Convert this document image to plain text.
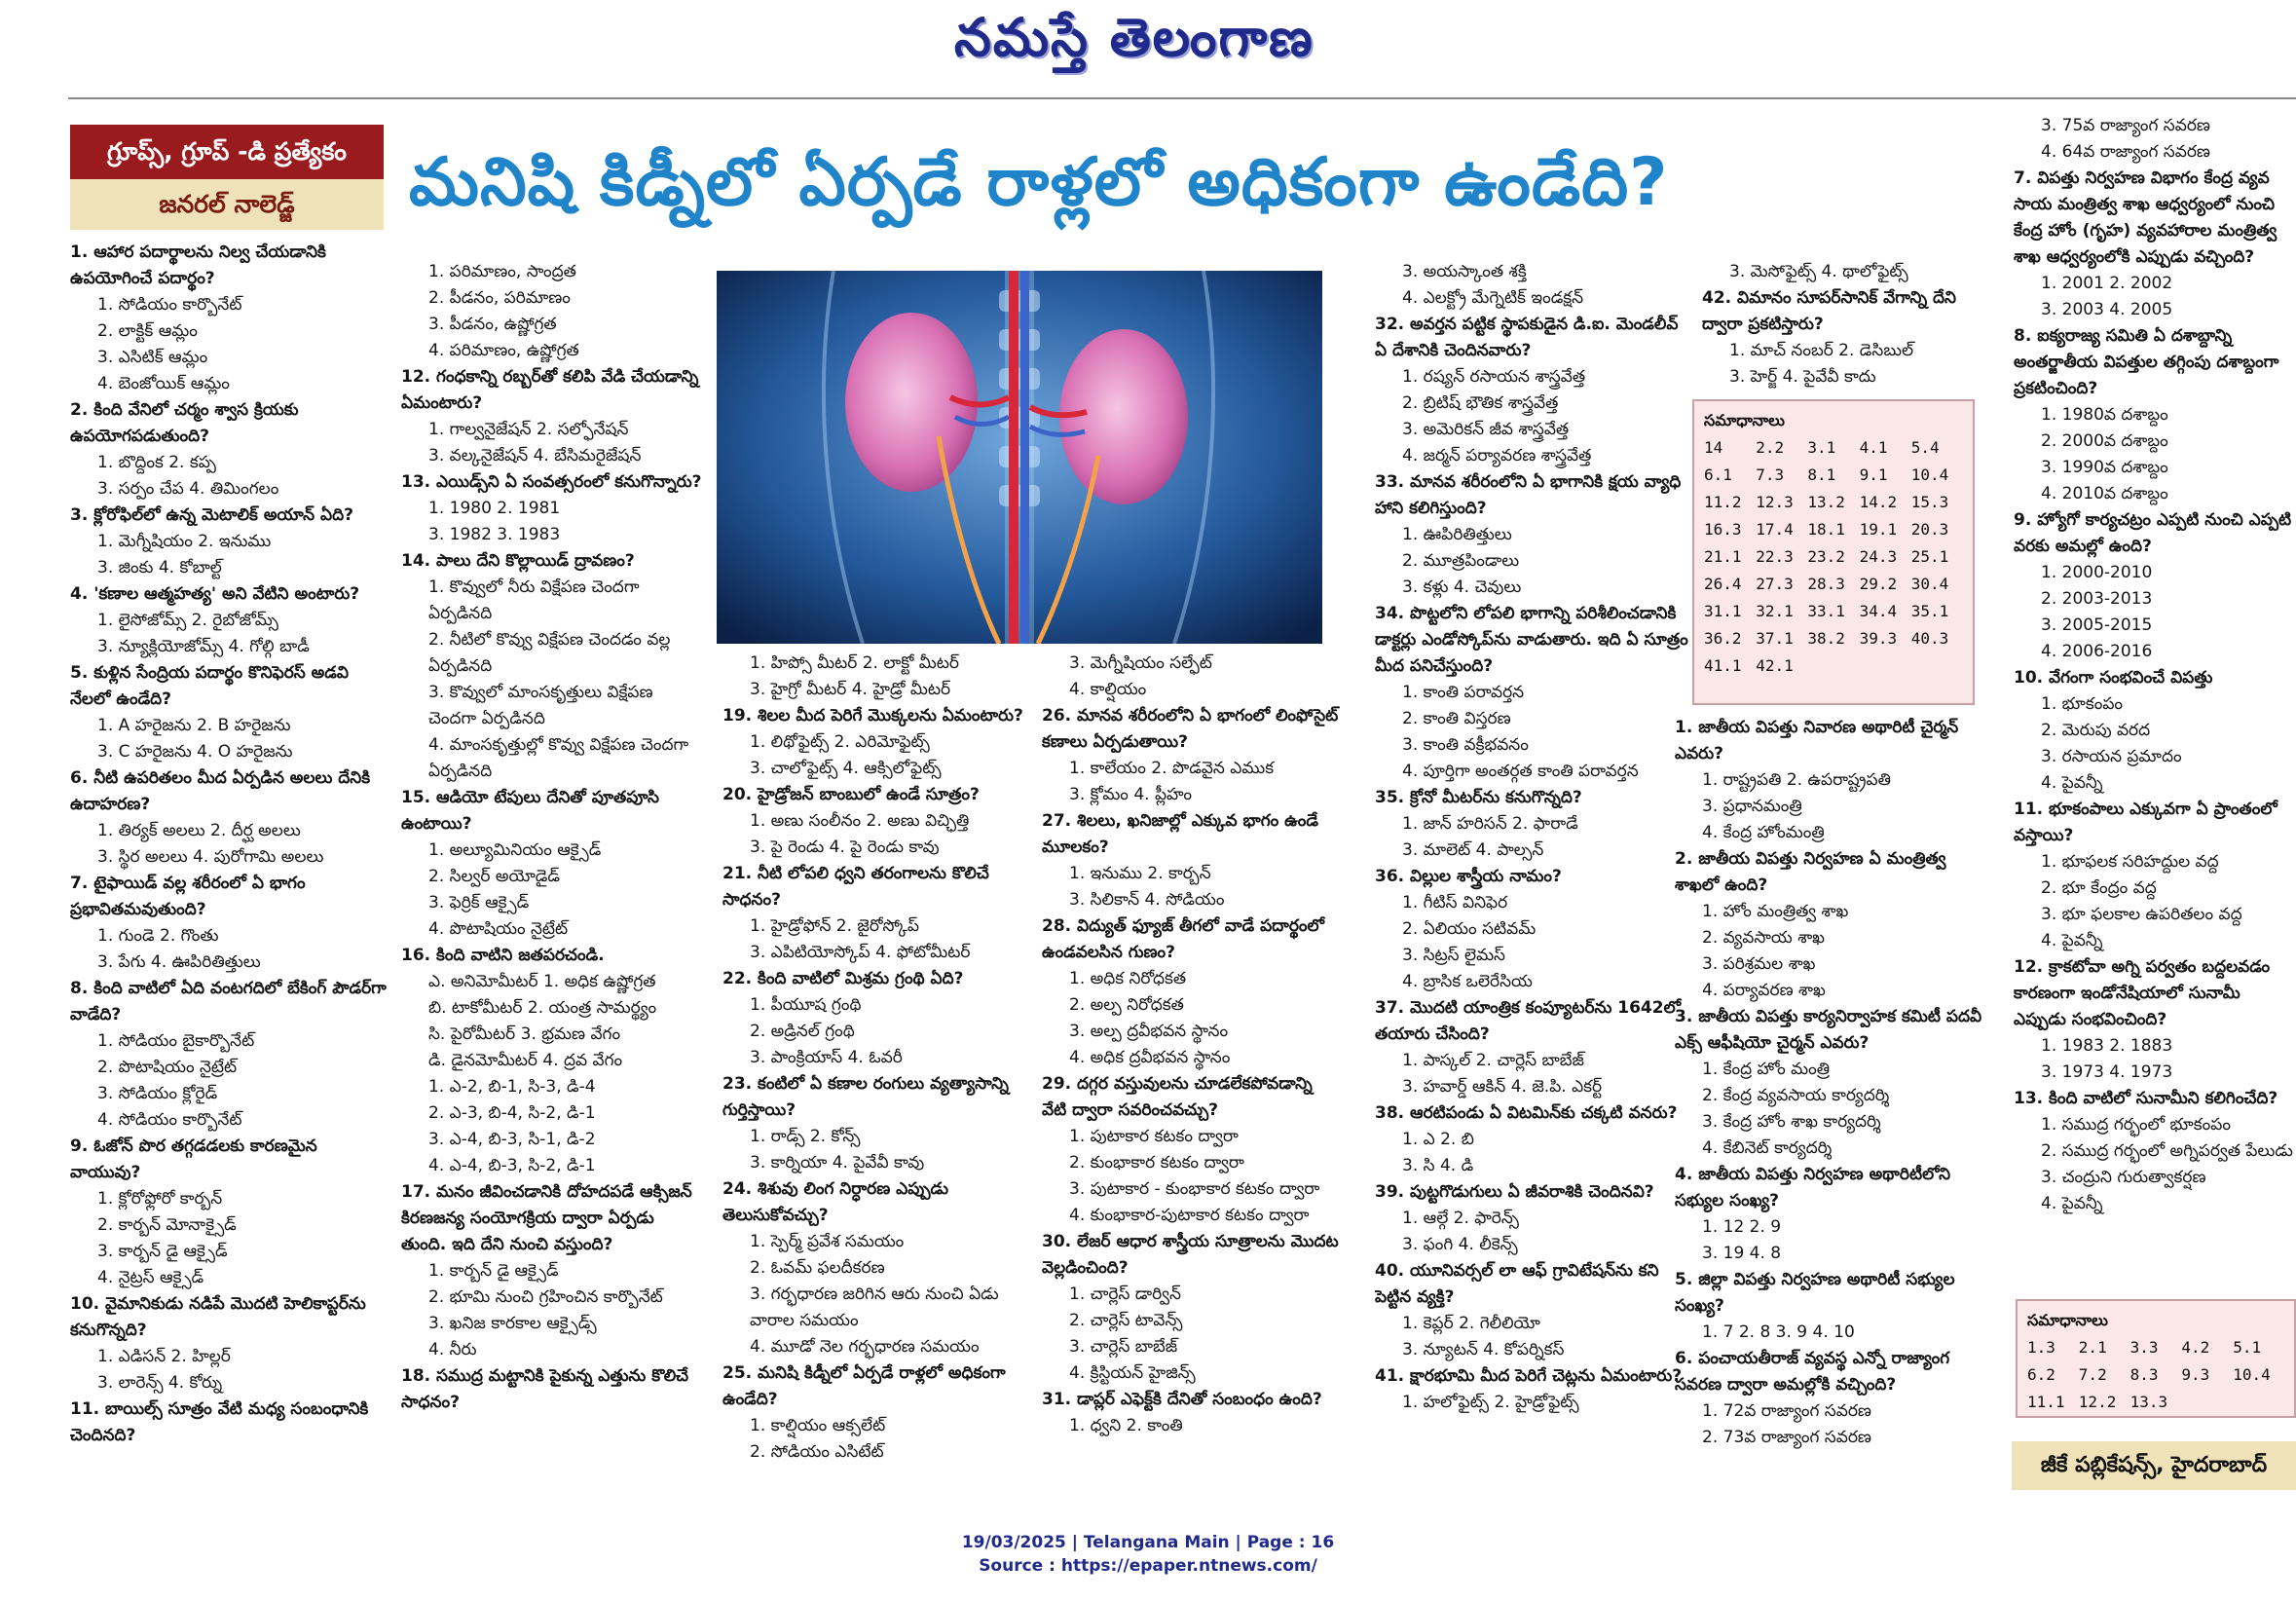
నమస్తే తెలంగాణ
గ్రూప్స్, గ్రూప్ -డి ప్రత్యేకం
జనరల్ నాలెడ్జ్	మనిషి కిడ్నీలో ఏర్పడే రాళ్లలో అధికంగా ఉండేది?
1. ఆహార పదార్థాలను నిల్వ చేయడానికి ఉపయోగించే పదార్థం?
1. సోడియం కార్బొనేట్
2. లాక్టిక్ ఆమ్లం
3. ఎసిటిక్ ఆమ్లం
4. బెంజోయిక్ ఆమ్లం
2. కింది వేనిలో చర్మం శ్వాస క్రియకు ఉపయోగపడుతుంది?
1. బొద్దింక 2. కప్ప
3. సర్పం చేప 4. తిమింగలం
3. క్లోరోఫిల్‌లో ఉన్న మెటాలిక్ అయాన్ ఏది?
1. మెగ్నీషియం 2. ఇనుము
3. జింకు 4. కోబాల్ట్
4. 'కణాల ఆత్మహత్య' అని వేటిని అంటారు?
1. లైసోజోమ్స్ 2. రైబోజోమ్స్
3. న్యూక్లియోజోమ్స్ 4. గోల్గి బాడీ
5. కుళ్లిన సేంద్రియ పదార్థం కొనిఫెరస్ అడవి నేలలో ఉండేది?
1. A హరైజను 2. B హరైజను
3. C హరైజను 4. O హరైజను
6. నీటి ఉపరితలం మీద ఏర్పడిన అలలు దేనికి ఉదాహరణ?
1. తిర్యక్ అలలు 2. దీర్ఘ అలలు
3. స్థిర అలలు 4. పురోగామి అలలు
7. టైఫాయిడ్ వల్ల శరీరంలో ఏ భాగం ప్రభావితమవుతుంది?
1. గుండె 2. గొంతు
3. పేగు 4. ఊపిరితిత్తులు
8. కింది వాటిలో ఏది వంటగదిలో బేకింగ్ పౌడర్‌గా వాడేది?
1. సోడియం బైకార్బొనేట్
2. పొటాషియం నైట్రేట్
3. సోడియం క్లోరైడ్
4. సోడియం కార్బొనేట్
9. ఓజోన్ పొర తగ్గడడలకు కారణమైన వాయువు?
1. క్లోరోఫ్లోరో కార్బన్
2. కార్బన్ మోనాక్సైడ్
3. కార్బన్ డై ఆక్సైడ్
4. నైట్రస్ ఆక్సైడ్
10. వైమానికుడు నడిపే మొదటి హెలికాప్టర్‌ను కనుగొన్నది?
1. ఎడిసన్ 2. హిల్లర్
3. లారెన్స్ 4. కోర్ను
11. బాయిల్స్ సూత్రం వేటి మధ్య సంబంధానికి చెందినది?
1. పరిమాణం, సాంద్రత
2. పీడనం, పరిమాణం
3. పీడనం, ఉష్ణోగ్రత
4. పరిమాణం, ఉష్ణోగ్రత
12. గంధకాన్ని రబ్బర్‌తో కలిపి వేడి చేయడాన్ని ఏమంటారు?
1. గాల్వనైజేషన్ 2. సల్ఫోనేషన్
3. వల్కనైజేషన్ 4. బేసిమరైజేషన్
13. ఎయిడ్స్‌ని ఏ సంవత్సరంలో కనుగొన్నారు?
1. 1980 2. 1981
3. 1982 3. 1983
14. పాలు దేని కొల్లాయిడ్ ద్రావణం?
1. కొవ్వులో నీరు విక్షేపణ చెందగా ఏర్పడినది
2. నీటిలో కొవ్వు విక్షేపణ చెందడం వల్ల ఏర్పడినది
3. కొవ్వులో మాంసకృత్తులు విక్షేపణ చెందగా ఏర్పడినది
4. మాంసకృత్తుల్లో కొవ్వు విక్షేపణ చెందగా ఏర్పడినది
15. ఆడియో టేపులు దేనితో పూతపూసి ఉంటాయి?
1. అల్యూమినియం ఆక్సైడ్
2. సిల్వర్ అయోడైడ్
3. ఫెర్రిక్ ఆక్సైడ్
4. పొటాషియం నైట్రేట్
16. కింది వాటిని జతపరచండి.
ఎ. అనిమోమీటర్ 1. అధిక ఉష్ణోగ్రత
బి. టాకోమీటర్ 2. యంత్ర సామర్థ్యం
సి. పైరోమీటర్ 3. భ్రమణ వేగం
డి. డైనమోమీటర్ 4. ద్రవ వేగం
1. ఎ-2, బి-1, సి-3, డి-4
2. ఎ-3, బి-4, సి-2, డి-1
3. ఎ-4, బి-3, సి-1, డి-2
4. ఎ-4, బి-3, సి-2, డి-1
17. మనం జీవించడానికి దోహదపడే ఆక్సిజన్ కిరణజన్య సంయోగక్రియ ద్వారా ఏర్పడు తుంది. ఇది దేని నుంచి వస్తుంది?
1. కార్బన్ డై ఆక్సైడ్
2. భూమి నుంచి గ్రహించిన కార్బొనేట్
3. ఖనిజ కారకాల ఆక్సైడ్స్
4. నీరు
18. సముద్ర మట్టానికి పైకున్న ఎత్తును కొలిచే సాధనం?
1. హిప్సో మీటర్ 2. లాక్టో మీటర్
3. హైగ్రో మీటర్ 4. హైడ్రో మీటర్
19. శిలల మీద పెరిగే మొక్కలను ఏమంటారు?
1. లిథోఫైట్స్ 2. ఎరిమోఫైట్స్
3. చాలోఫైట్స్ 4. ఆక్సిలోఫైట్స్
20. హైడ్రోజన్ బాంబులో ఉండే సూత్రం?
1. అణు సంలీనం 2. అణు విచ్ఛిత్తి
3. పై రెండు 4. పై రెండు కావు
21. నీటి లోపలి ధ్వని తరంగాలను కొలిచే సాధనం?
1. హైడ్రోఫోన్ 2. జైరోస్కోప్
3. ఎపిటియోస్కోప్ 4. ఫోటోమీటర్
22. కింది వాటిలో మిశ్రమ గ్రంథి ఏది?
1. పీయూష గ్రంథి
2. అడ్రినల్ గ్రంథి
3. పాంక్రియాస్ 4. ఓవరీ
23. కంటిలో ఏ కణాల రంగులు వ్యత్యాసాన్ని గుర్తిస్తాయి?
1. రాడ్స్ 2. కోన్స్
3. కార్నియా 4. పైవేవీ కావు
24. శిశువు లింగ నిర్ధారణ ఎప్పుడు తెలుసుకోవచ్చు?
1. స్పెర్మ్ ప్రవేశ సమయం
2. ఓవమ్ ఫలదీకరణ
3. గర్భధారణ జరిగిన ఆరు నుంచి ఏడు వారాల సమయం
4. మూడో నెల గర్భధారణ సమయం
25. మనిషి కిడ్నీలో ఏర్పడే రాళ్లలో అధికంగా ఉండేది?
1. కాల్షియం ఆక్సలేట్
2. సోడియం ఎసిటేట్
3. మెగ్నీషియం సల్ఫేట్
4. కాల్షియం
26. మానవ శరీరంలోని ఏ భాగంలో లింఫోసైట్ కణాలు ఏర్పడుతాయి?
1. కాలేయం 2. పొడవైన ఎముక
3. క్లోమం 4. ప్లీహం
27. శిలలు, ఖనిజాల్లో ఎక్కువ భాగం ఉండే మూలకం?
1. ఇనుము 2. కార్బన్
3. సిలికాన్ 4. సోడియం
28. విద్యుత్ ఫ్యూజ్ తీగలో వాడే పదార్థంలో ఉండవలసిన గుణం?
1. అధిక నిరోధకత
2. అల్ప నిరోధకత
3. అల్ప ద్రవీభవన స్థానం
4. అధిక ద్రవీభవన స్థానం
29. దగ్గర వస్తువులను చూడలేకపోవడాన్ని వేటి ద్వారా సవరించవచ్చు?
1. పుటాకార కటకం ద్వారా
2. కుంభాకార కటకం ద్వారా
3. పుటాకార - కుంభాకార కటకం ద్వారా
4. కుంభాకార-పుటాకార కటకం ద్వారా
30. లేజర్ ఆధార శాస్త్రీయ సూత్రాలను మొదట వెల్లడించింది?
1. చార్లెస్ డార్విన్
2. చార్లెస్ టావెన్స్
3. చార్లెస్ బాబేజ్
4. క్రిస్టియన్ హైజిన్స్
31. డాప్లర్ ఎఫెక్ట్‌కి దేనితో సంబంధం ఉంది?
1. ధ్వని 2. కాంతి
3. అయస్కాంత శక్తి
4. ఎలక్ట్రో మేగ్నెటిక్ ఇండక్షన్
32. అవర్తన పట్టిక స్థాపకుడైన డి.ఐ. మెండలీవ్ ఏ దేశానికి చెందినవారు?
1. రష్యన్ రసాయన శాస్త్రవేత్త
2. బ్రిటిష్ భౌతిక శాస్త్రవేత్త
3. అమెరికన్ జీవ శాస్త్రవేత్త
4. జర్మన్ పర్యావరణ శాస్త్రవేత్త
33. మానవ శరీరంలోని ఏ భాగానికి క్షయ వ్యాధి హాని కలిగిస్తుంది?
1. ఊపిరితిత్తులు
2. మూత్రపిండాలు
3. కళ్లు 4. చెవులు
34. పొట్టలోని లోపలి భాగాన్ని పరిశీలించడానికి డాక్టర్లు ఎండోస్కోప్‌ను వాడుతారు. ఇది ఏ సూత్రం మీద పనిచేస్తుంది?
1. కాంతి పరావర్తన
2. కాంతి విస్తరణ
3. కాంతి వక్రీభవనం
4. పూర్తిగా అంతర్గత కాంతి పరావర్తన
35. క్రోనో మీటర్‌ను కనుగొన్నది?
1. జాన్ హరిసన్ 2. ఫారాడే
3. మాలెట్ 4. పాల్సన్
36. విల్లుల శాస్త్రీయ నామం?
1. గీటిస్ వినిఫెర
2. ఏలియం సటివమ్
3. సిట్రస్ లైమస్
4. బ్రాసిక ఒలెరేసియ
37. మొదటి యాంత్రిక కంప్యూటర్‌ను 1642లో తయారు చేసింది?
1. పాస్కల్ 2. చార్లెస్ బాబేజ్
3. హవార్డ్ ఆకిన్ 4. జె.పి. ఎకర్ట్
38. ఆరటిపండు ఏ విటమిన్‌కు చక్కటి వనరు?
1. ఎ 2. బి
3. సి 4. డి
39. పుట్టగొడుగులు ఏ జీవరాశికి చెందినవి?
1. ఆల్గే 2. ఫారెన్స్
3. ఫంగి 4. లీకెన్స్
40. యూనివర్సల్ లా ఆఫ్ గ్రావిటేషన్‌ను కని పెట్టిన వ్యక్తి?
1. కెప్లర్ 2. గెలీలియో
3. న్యూటన్ 4. కోపర్నికస్
41. క్షారభూమి మీద పెరిగే చెట్లను ఏమంటారు?
1. హలోఫైట్స్ 2. హైడ్రోఫైట్స్
3. మెసోఫైట్స్ 4. థాలోఫైట్స్
42. విమానం సూపర్‌సానిక్ వేగాన్ని దేని ద్వారా ప్రకటిస్తారు?
1. మాచ్ నంబర్ 2. డెసిబుల్
3. హెర్జ్ 4. పైవేవీ కాదు
1. జాతీయ విపత్తు నివారణ అథారిటీ చైర్మన్ ఎవరు?
1. రాష్ట్రపతి 2. ఉపరాష్ట్రపతి
3. ప్రధానమంత్రి
4. కేంద్ర హోంమంత్రి
2. జాతీయ విపత్తు నిర్వహణ ఏ మంత్రిత్వ శాఖలో ఉంది?
1. హోం మంత్రిత్వ శాఖ
2. వ్యవసాయ శాఖ
3. పరిశ్రమల శాఖ
4. పర్యావరణ శాఖ
3. జాతీయ విపత్తు కార్యనిర్వాహక కమిటీ పదవీ ఎక్స్ ఆఫీషియో చైర్మన్ ఎవరు?
1. కేంద్ర హోం మంత్రి
2. కేంద్ర వ్యవసాయ కార్యదర్శి
3. కేంద్ర హోం శాఖ కార్యదర్శి
4. కేబినెట్ కార్యదర్శి
4. జాతీయ విపత్తు నిర్వహణ అథారిటీలోని సభ్యుల సంఖ్య?
1. 12 2. 9
3. 19 4. 8
5. జిల్లా విపత్తు నిర్వహణ అథారిటీ సభ్యుల సంఖ్య?
1. 7 2. 8 3. 9 4. 10
6. పంచాయతీరాజ్ వ్యవస్థ ఎన్నో రాజ్యాంగ సవరణ ద్వారా అమల్లోకి వచ్చింది?
1. 72వ రాజ్యాంగ సవరణ
2. 73వ రాజ్యాంగ సవరణ
3. 75వ రాజ్యాంగ సవరణ
4. 64వ రాజ్యాంగ సవరణ
7. విపత్తు నిర్వహణ విభాగం కేంద్ర వ్యవ సాయ మంత్రిత్వ శాఖ ఆధ్వర్యంలో నుంచి కేంద్ర హోం (గృహ) వ్యవహారాల మంత్రిత్వ శాఖ ఆధ్వర్యంలోకి ఎప్పుడు వచ్చింది?
1. 2001 2. 2002
3. 2003 4. 2005
8. ఐక్యరాజ్య సమితి ఏ దశాబ్దాన్ని అంతర్జాతీయ విపత్తుల తగ్గింపు దశాబ్దంగా ప్రకటించింది?
1. 1980వ దశాబ్దం
2. 2000వ దశాబ్దం
3. 1990వ దశాబ్దం
4. 2010వ దశాబ్దం
9. హ్యోగో కార్యచట్రం ఎప్పటి నుంచి ఎప్పటి వరకు అమల్లో ఉంది?
1. 2000-2010
2. 2003-2013
3. 2005-2015
4. 2006-2016
10. వేగంగా సంభవించే విపత్తు
1. భూకంపం
2. మెరుపు వరద
3. రసాయన ప్రమాదం
4. పైవన్నీ
11. భూకంపాలు ఎక్కువగా ఏ ప్రాంతంలో వస్తాయి?
1. భూఫలక సరిహద్దుల వద్ద
2. భూ కేంద్రం వద్ద
3. భూ ఫలకాల ఉపరితలం వద్ద
4. పైవన్నీ
12. క్రాకటోవా అగ్ని పర్వతం బద్దలవడం కారణంగా ఇండోనేషియాలో సునామీ ఎప్పుడు సంభవించింది?
1. 1983 2. 1883
3. 1973 4. 1973
13. కింది వాటిలో సునామీని కలిగించేది?
1. సముద్ర గర్భంలో భూకంపం
2. సముద్ర గర్భంలో అగ్నిపర్వత పేలుడు
3. చంద్రుని గురుత్వాకర్షణ
4. పైవన్నీ
సమాధానాలు
14	2.2	3.1	4.1	5.4
6.1	7.3	8.1	9.1	10.4
11.2 12.3 13.2 14.2 15.3
16.3 17.4 18.1 19.1 20.3
21.1 22.3 23.2 24.3 25.1
26.4 27.3 28.3 29.2 30.4
31.1 32.1 33.1 34.4 35.1
36.2 37.1 38.2 39.3 40.3
41.1 42.1
సమాధానాలు
1.3	2.1	3.3	4.2	5.1
6.2	7.2	8.3	9.3	10.4
11.1 12.2 13.3
జీకే పబ్లికేషన్స్, హైదరాబాద్
19/03/2025 | Telangana Main | Page : 16
Source : https://epaper.ntnews.com/
